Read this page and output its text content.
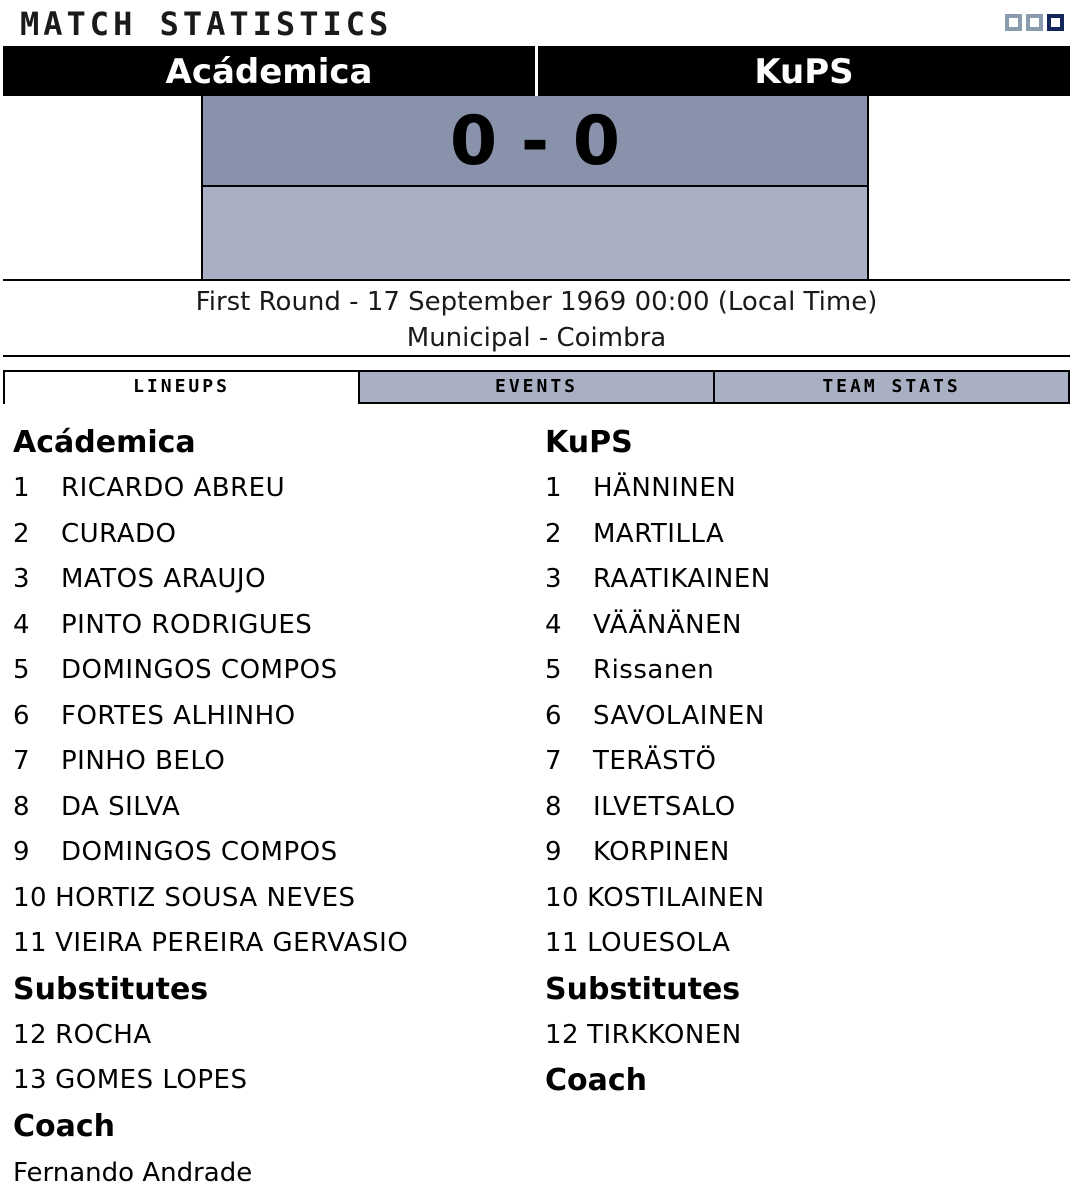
MATCH STATISTICS
Acádemica	KuPS
0 - 0
First Round - 17 September 1969 00:00 (Local Time)
Municipal - Coimbra
LINEUPS	EVENTS	TEAM STATS
Acádemica
1 RICARDO ABREU
2 CURADO
3 MATOS ARAUJO
4 PINTO RODRIGUES
5 DOMINGOS COMPOS
6 FORTES ALHINHO
7 PINHO BELO
8 DA SILVA
9 DOMINGOS COMPOS
10 HORTIZ SOUSA NEVES
11 VIEIRA PEREIRA GERVASIO
Substitutes
12 ROCHA
13 GOMES LOPES
Coach
Fernando Andrade
KuPS
1 HÄNNINEN
2 MARTILLA
3 RAATIKAINEN
4 VÄÄNÄNEN
5 Rissanen
6 SAVOLAINEN
7 TERÄSTÖ
8 ILVETSALO
9 KORPINEN
10 KOSTILAINEN
11 LOUESOLA
Substitutes
12 TIRKKONEN
Coach
